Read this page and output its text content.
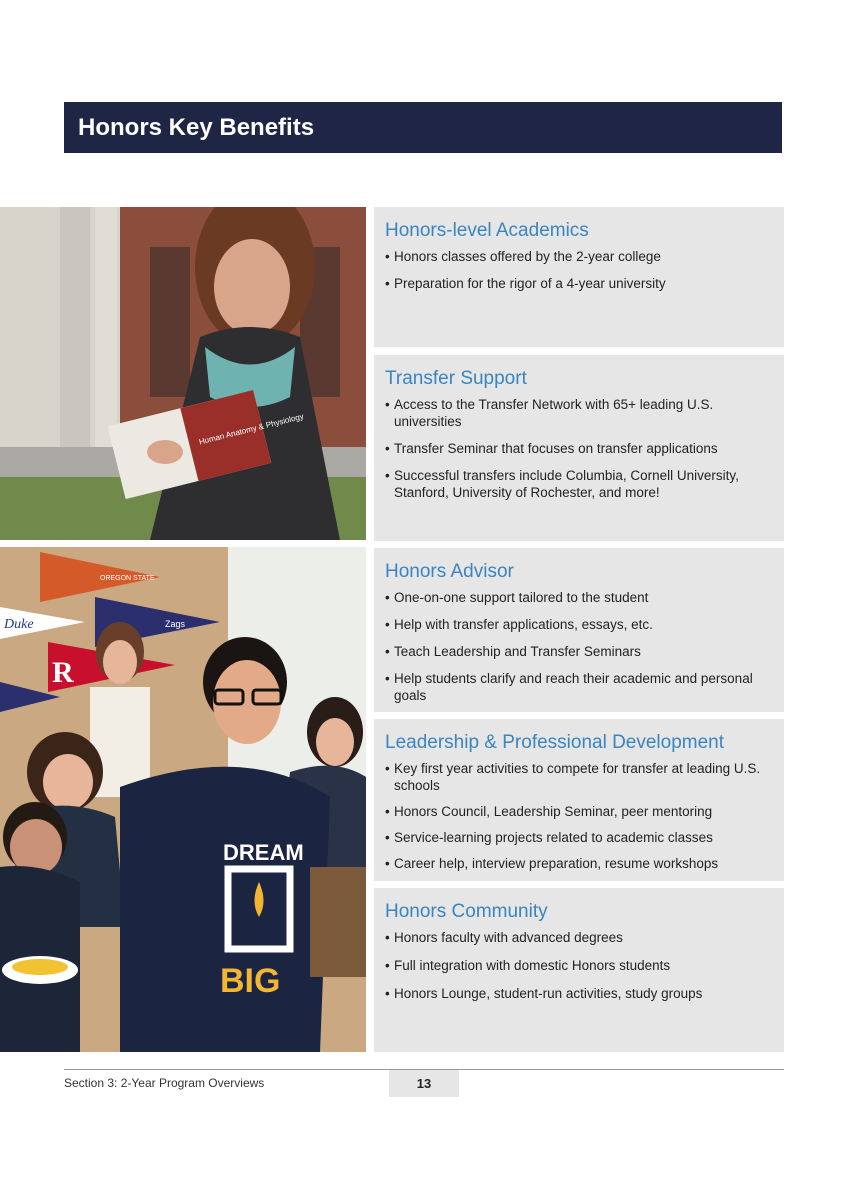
Honors Key Benefits
Human Anatomy & Physiology
OREGON STATE
Duke	Zags
R
DREAM
BIG
Honors-level Academics
• Honors classes offered by the 2-year college
• Preparation for the rigor of a 4-year university
Transfer Support
• Access to the Transfer Network with 65+ leading U.S. universities
• Transfer Seminar that focuses on transfer applications
• Successful transfers include Columbia, Cornell University, Stanford, University of Rochester, and more!
Honors Advisor
• One-on-one support tailored to the student
• Help with transfer applications, essays, etc.
• Teach Leadership and Transfer Seminars
• Help students clarify and reach their academic and personal goals
Leadership & Professional Development
• Key first year activities to compete for transfer at leading U.S. schools
• Honors Council, Leadership Seminar, peer mentoring
• Service-learning projects related to academic classes
• Career help, interview preparation, resume workshops
Honors Community
• Honors faculty with advanced degrees
• Full integration with domestic Honors students
• Honors Lounge, student-run activities, study groups
Section 3: 2-Year Program Overviews	13
